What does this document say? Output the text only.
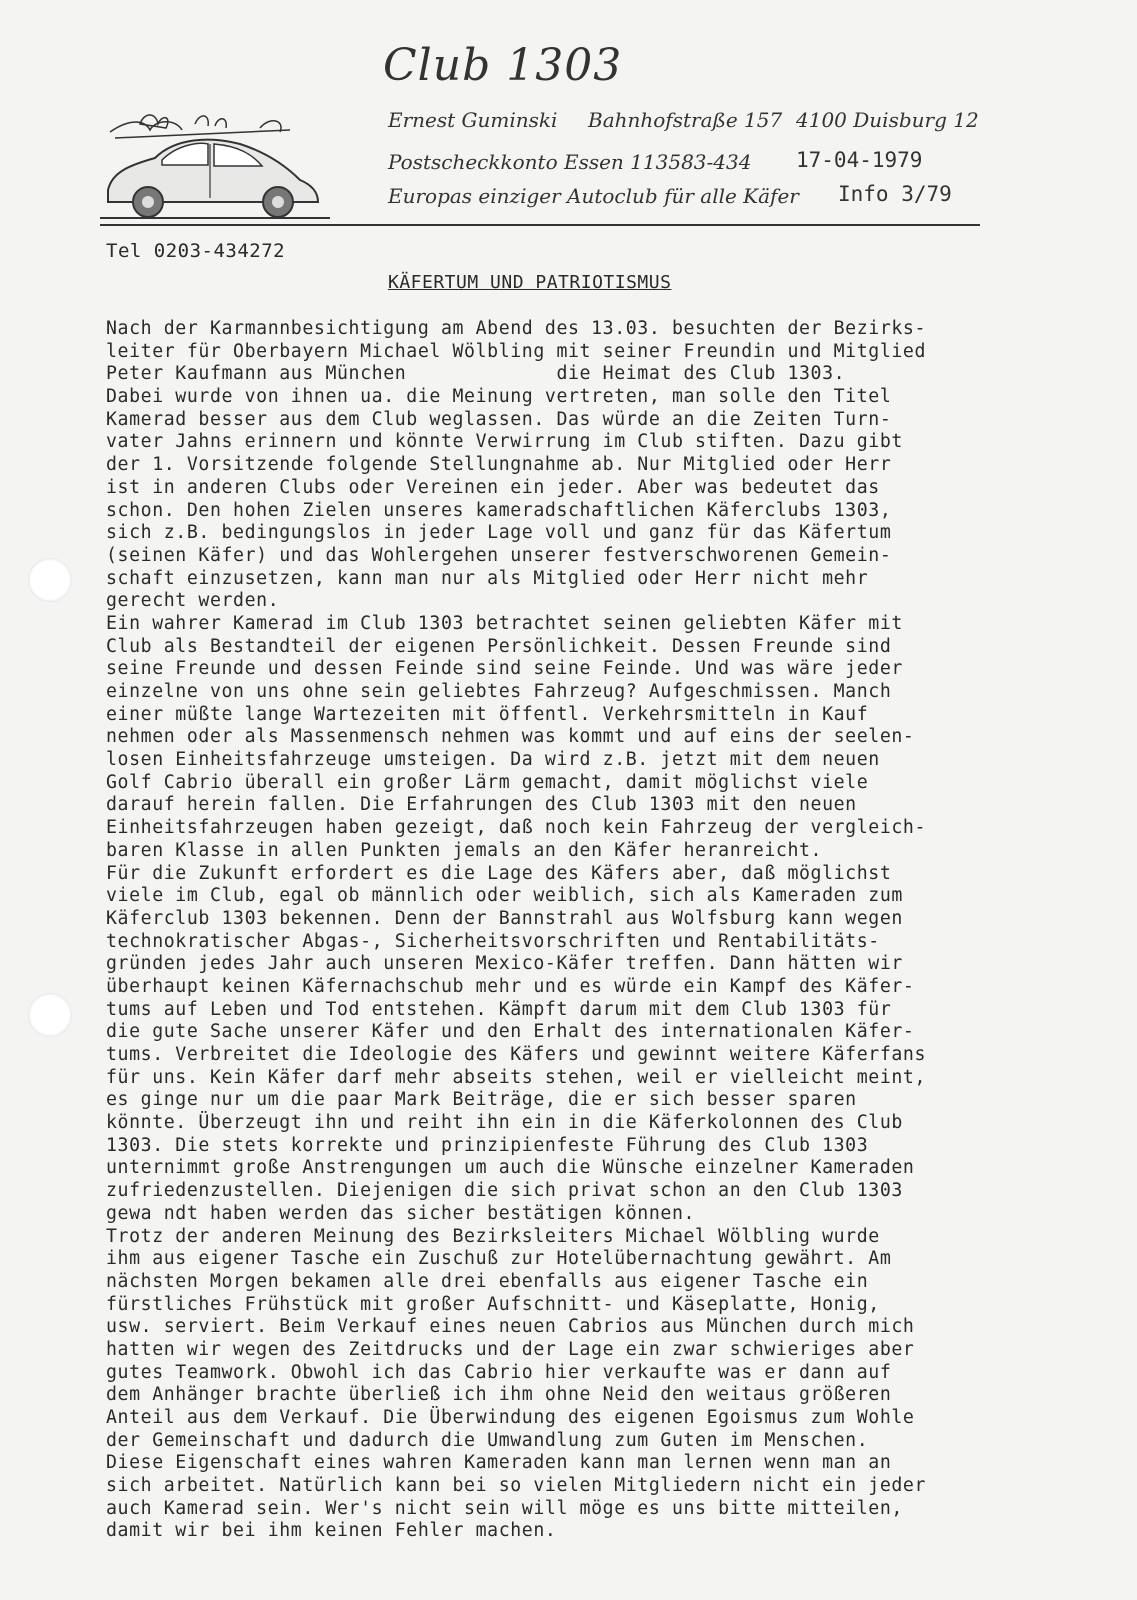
Club 1303
Ernest Guminski Bahnhofstraße 157 4100 Duisburg 12
Postscheckkonto Essen 113583-434 17-04-1979
Europas einziger Autoclub für alle Käfer Info 3/79
Tel 0203-434272
KÄFERTUM UND PATRIOTISMUS
Nach der Karmannbesichtigung am Abend des 13.03. besuchten der Bezirks-
leiter für Oberbayern Michael Wölbling mit seiner Freundin und Mitglied
Peter Kaufmann aus München             die Heimat des Club 1303.
Dabei wurde von ihnen ua. die Meinung vertreten, man solle den Titel
Kamerad besser aus dem Club weglassen. Das würde an die Zeiten Turn-
vater Jahns erinnern und könnte Verwirrung im Club stiften. Dazu gibt
der 1. Vorsitzende folgende Stellungnahme ab. Nur Mitglied oder Herr
ist in anderen Clubs oder Vereinen ein jeder. Aber was bedeutet das
schon. Den hohen Zielen unseres kameradschaftlichen Käferclubs 1303,
sich z.B. bedingungslos in jeder Lage voll und ganz für das Käfertum
(seinen Käfer) und das Wohlergehen unserer festverschworenen Gemein-
schaft einzusetzen, kann man nur als Mitglied oder Herr nicht mehr
gerecht werden.
Ein wahrer Kamerad im Club 1303 betrachtet seinen geliebten Käfer mit
Club als Bestandteil der eigenen Persönlichkeit. Dessen Freunde sind
seine Freunde und dessen Feinde sind seine Feinde. Und was wäre jeder
einzelne von uns ohne sein geliebtes Fahrzeug? Aufgeschmissen. Manch
einer müßte lange Wartezeiten mit öffentl. Verkehrsmitteln in Kauf
nehmen oder als Massenmensch nehmen was kommt und auf eins der seelen-
losen Einheitsfahrzeuge umsteigen. Da wird z.B. jetzt mit dem neuen
Golf Cabrio überall ein großer Lärm gemacht, damit möglichst viele
darauf herein fallen. Die Erfahrungen des Club 1303 mit den neuen
Einheitsfahrzeugen haben gezeigt, daß noch kein Fahrzeug der vergleich-
baren Klasse in allen Punkten jemals an den Käfer heranreicht.
Für die Zukunft erfordert es die Lage des Käfers aber, daß möglichst
viele im Club, egal ob männlich oder weiblich, sich als Kameraden zum
Käferclub 1303 bekennen. Denn der Bannstrahl aus Wolfsburg kann wegen
technokratischer Abgas-, Sicherheitsvorschriften und Rentabilitäts-
gründen jedes Jahr auch unseren Mexico-Käfer treffen. Dann hätten wir
überhaupt keinen Käfernachschub mehr und es würde ein Kampf des Käfer-
tums auf Leben und Tod entstehen. Kämpft darum mit dem Club 1303 für
die gute Sache unserer Käfer und den Erhalt des internationalen Käfer-
tums. Verbreitet die Ideologie des Käfers und gewinnt weitere Käferfans
für uns. Kein Käfer darf mehr abseits stehen, weil er vielleicht meint,
es ginge nur um die paar Mark Beiträge, die er sich besser sparen
könnte. Überzeugt ihn und reiht ihn ein in die Käferkolonnen des Club
1303. Die stets korrekte und prinzipienfeste Führung des Club 1303
unternimmt große Anstrengungen um auch die Wünsche einzelner Kameraden
zufriedenzustellen. Diejenigen die sich privat schon an den Club 1303
gewa ndt haben werden das sicher bestätigen können.
Trotz der anderen Meinung des Bezirksleiters Michael Wölbling wurde
ihm aus eigener Tasche ein Zuschuß zur Hotelübernachtung gewährt. Am
nächsten Morgen bekamen alle drei ebenfalls aus eigener Tasche ein
fürstliches Frühstück mit großer Aufschnitt- und Käseplatte, Honig,
usw. serviert. Beim Verkauf eines neuen Cabrios aus München durch mich
hatten wir wegen des Zeitdrucks und der Lage ein zwar schwieriges aber
gutes Teamwork. Obwohl ich das Cabrio hier verkaufte was er dann auf
dem Anhänger brachte überließ ich ihm ohne Neid den weitaus größeren
Anteil aus dem Verkauf. Die Überwindung des eigenen Egoismus zum Wohle
der Gemeinschaft und dadurch die Umwandlung zum Guten im Menschen.
Diese Eigenschaft eines wahren Kameraden kann man lernen wenn man an
sich arbeitet. Natürlich kann bei so vielen Mitgliedern nicht ein jeder
auch Kamerad sein. Wer's nicht sein will möge es uns bitte mitteilen,
damit wir bei ihm keinen Fehler machen.
